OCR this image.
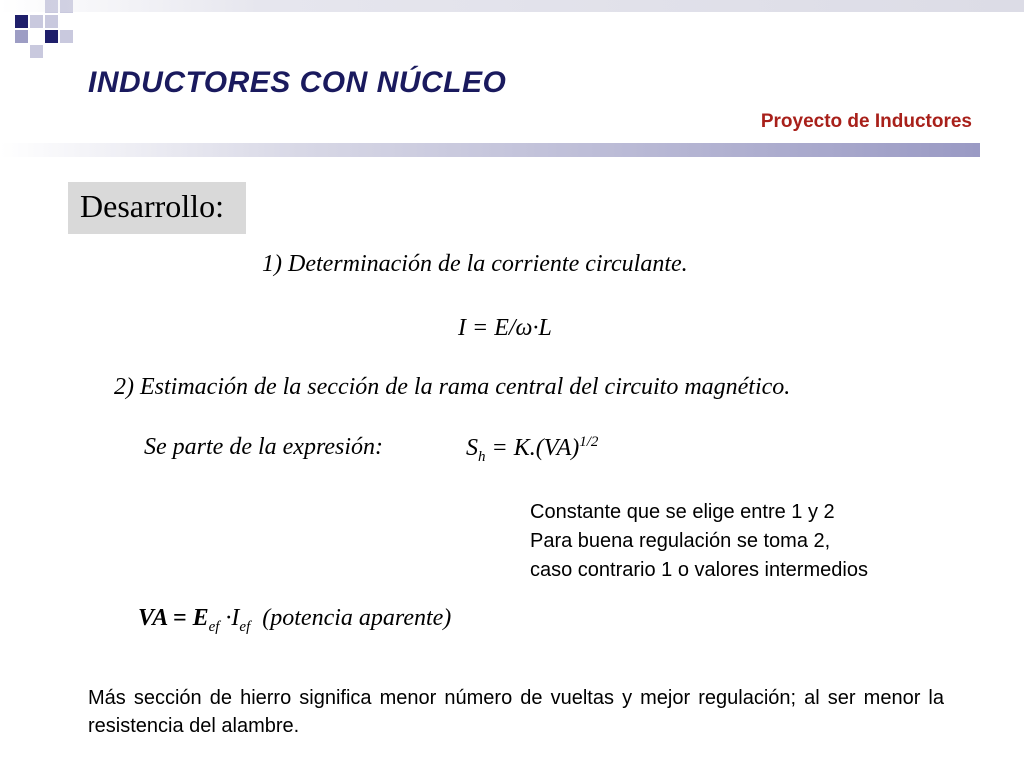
INDUCTORES CON NÚCLEO
Proyecto de Inductores
Desarrollo:
1) Determinación de la corriente circulante.
I = E/ω·L
2) Estimación de la sección de la rama central del circuito magnético.
Se parte de la expresión:	$S_h = K.(VA)^{1/2}$
Constante que se elige entre 1 y 2
Para buena regulación se toma 2,
caso contrario 1 o valores intermedios
VA = $E_{ef} \cdot I_{ef}$  (potencia aparente)
Más sección de hierro significa menor número de vueltas y mejor regulación; al ser menor la resistencia del alambre.
